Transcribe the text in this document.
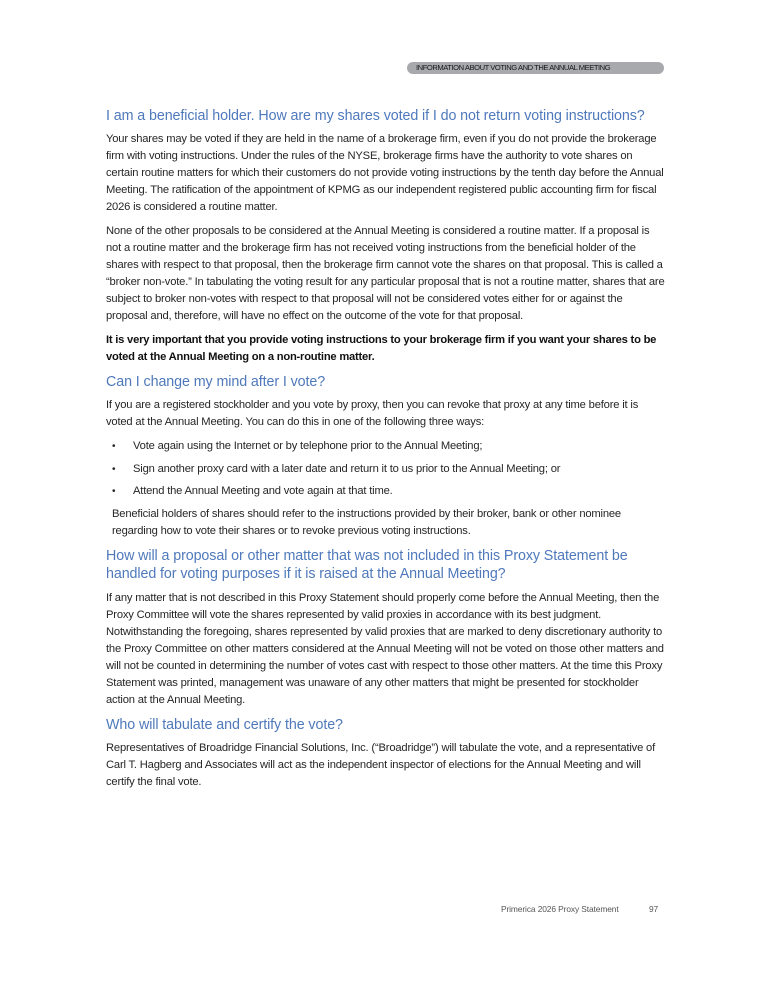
INFORMATION ABOUT VOTING AND THE ANNUAL MEETING
I am a beneficial holder. How are my shares voted if I do not return voting instructions?

Your shares may be voted if they are held in the name of a brokerage firm, even if you do not provide the brokerage firm with voting instructions. Under the rules of the NYSE, brokerage firms have the authority to vote shares on certain routine matters for which their customers do not provide voting instructions by the tenth day before the Annual Meeting. The ratification of the appointment of KPMG as our independent registered public accounting firm for fiscal 2026 is considered a routine matter.

None of the other proposals to be considered at the Annual Meeting is considered a routine matter. If a proposal is not a routine matter and the brokerage firm has not received voting instructions from the beneficial holder of the shares with respect to that proposal, then the brokerage firm cannot vote the shares on that proposal. This is called a “broker non-vote.” In tabulating the voting result for any particular proposal that is not a routine matter, shares that are subject to broker non-votes with respect to that proposal will not be considered votes either for or against the proposal and, therefore, will have no effect on the outcome of the vote for that proposal.

It is very important that you provide voting instructions to your brokerage firm if you want your shares to be voted at the Annual Meeting on a non-routine matter.

Can I change my mind after I vote?

If you are a registered stockholder and you vote by proxy, then you can revoke that proxy at any time before it is voted at the Annual Meeting. You can do this in one of the following three ways:

• Vote again using the Internet or by telephone prior to the Annual Meeting;
• Sign another proxy card with a later date and return it to us prior to the Annual Meeting; or
• Attend the Annual Meeting and vote again at that time.

Beneficial holders of shares should refer to the instructions provided by their broker, bank or other nominee regarding how to vote their shares or to revoke previous voting instructions.

How will a proposal or other matter that was not included in this Proxy Statement be handled for voting purposes if it is raised at the Annual Meeting?

If any matter that is not described in this Proxy Statement should properly come before the Annual Meeting, then the Proxy Committee will vote the shares represented by valid proxies in accordance with its best judgment. Notwithstanding the foregoing, shares represented by valid proxies that are marked to deny discretionary authority to the Proxy Committee on other matters considered at the Annual Meeting will not be voted on those other matters and will not be counted in determining the number of votes cast with respect to those other matters. At the time this Proxy Statement was printed, management was unaware of any other matters that might be presented for stockholder action at the Annual Meeting.

Who will tabulate and certify the vote?

Representatives of Broadridge Financial Solutions, Inc. (“Broadridge”) will tabulate the vote, and a representative of Carl T. Hagberg and Associates will act as the independent inspector of elections for the Annual Meeting and will certify the final vote.

Primerica 2026 Proxy Statement	97
